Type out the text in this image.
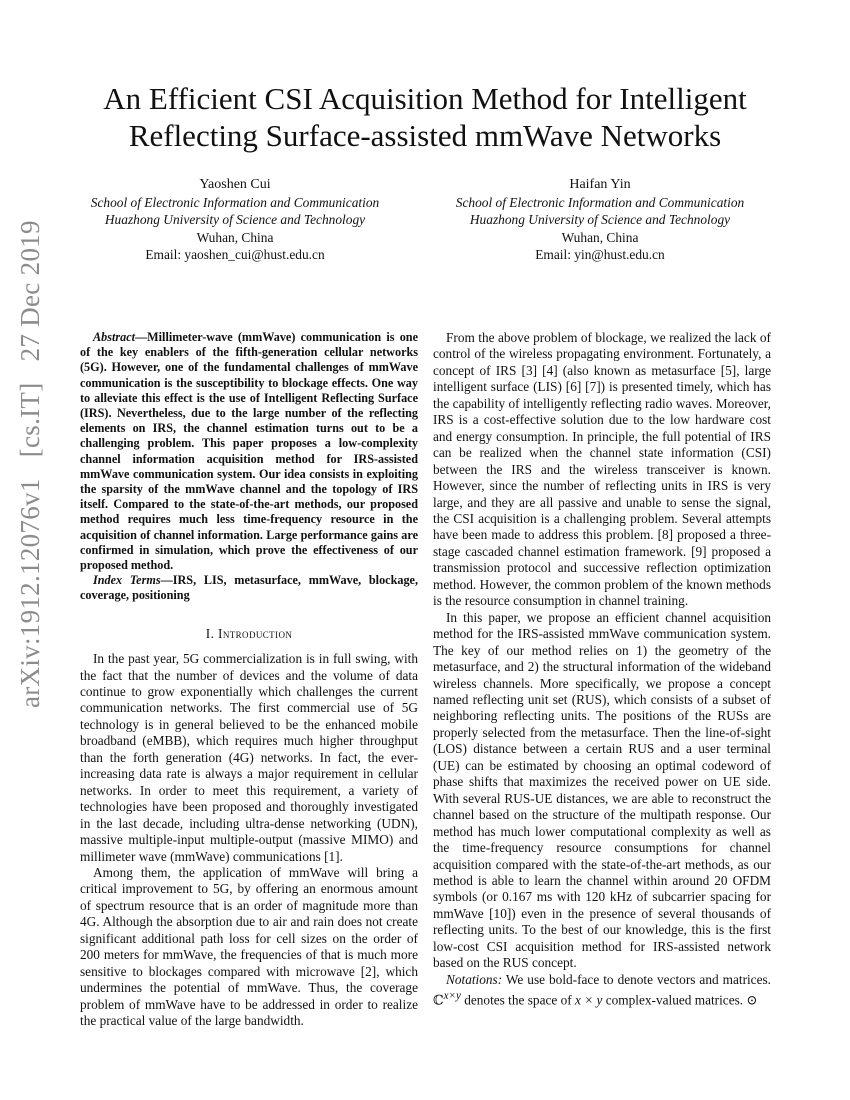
An Efficient CSI Acquisition Method for Intelligent
Reflecting Surface-assisted mmWave Networks
Yaoshen Cui
School of Electronic Information and Communication
Huazhong University of Science and Technology
Wuhan, China
Email: yaoshen_cui@hust.edu.cn
Haifan Yin
School of Electronic Information and Communication
Huazhong University of Science and Technology
Wuhan, China
Email: yin@hust.edu.cn
arXiv:1912.12076v1 [cs.IT] 27 Dec 2019	Abstract—Millimeter-wave (mmWave) communication is one of the key enablers of the fifth-generation cellular networks (5G). However, one of the fundamental challenges of mmWave communication is the susceptibility to blockage effects. One way to alleviate this effect is the use of Intelligent Reflecting Surface (IRS). Nevertheless, due to the large number of the reflecting elements on IRS, the channel estimation turns out to be a challenging problem. This paper proposes a low-complexity channel information acquisition method for IRS-assisted mmWave communication system. Our idea consists in exploiting the sparsity of the mmWave channel and the topology of IRS itself. Compared to the state-of-the-art methods, our proposed method requires much less time-frequency resource in the acquisition of channel information. Large performance gains are confirmed in simulation, which prove the effectiveness of our proposed method.

Index Terms—IRS, LIS, metasurface, mmWave, blockage, coverage, positioning

I. Introduction

In the past year, 5G commercialization is in full swing, with the fact that the number of devices and the volume of data continue to grow exponentially which challenges the current communication networks. The first commercial use of 5G technology is in general believed to be the enhanced mobile broadband (eMBB), which requires much higher throughput than the forth generation (4G) networks. In fact, the ever-increasing data rate is always a major requirement in cellular networks. In order to meet this requirement, a variety of technologies have been proposed and thoroughly investigated in the last decade, including ultra-dense networking (UDN), massive multiple-input multiple-output (massive MIMO) and millimeter wave (mmWave) communications [1].

Among them, the application of mmWave will bring a critical improvement to 5G, by offering an enormous amount of spectrum resource that is an order of magnitude more than 4G. Although the absorption due to air and rain does not create significant additional path loss for cell sizes on the order of 200 meters for mmWave, the frequencies of that is much more sensitive to blockages compared with microwave [2], which undermines the potential of mmWave. Thus, the coverage problem of mmWave have to be addressed in order to realize the practical value of the large bandwidth.

From the above problem of blockage, we realized the lack of control of the wireless propagating environment. Fortunately, a concept of IRS [3] [4] (also known as metasurface [5], large intelligent surface (LIS) [6] [7]) is presented timely, which has the capability of intelligently reflecting radio waves. Moreover, IRS is a cost-effective solution due to the low hardware cost and energy consumption. In principle, the full potential of IRS can be realized when the channel state information (CSI) between the IRS and the wireless transceiver is known. However, since the number of reflecting units in IRS is very large, and they are all passive and unable to sense the signal, the CSI acquisition is a challenging problem. Several attempts have been made to address this problem. [8] proposed a three-stage cascaded channel estimation framework. [9] proposed a transmission protocol and successive reflection optimization method. However, the common problem of the known methods is the resource consumption in channel training.

In this paper, we propose an efficient channel acquisition method for the IRS-assisted mmWave communication system. The key of our method relies on 1) the geometry of the metasurface, and 2) the structural information of the wideband wireless channels. More specifically, we propose a concept named reflecting unit set (RUS), which consists of a subset of neighboring reflecting units. The positions of the RUSs are properly selected from the metasurface. Then the line-of-sight (LOS) distance between a certain RUS and a user terminal (UE) can be estimated by choosing an optimal codeword of phase shifts that maximizes the received power on UE side. With several RUS-UE distances, we are able to reconstruct the channel based on the structure of the multipath response. Our method has much lower computational complexity as well as the time-frequency resource consumptions for channel acquisition compared with the state-of-the-art methods, as our method is able to learn the channel within around 20 OFDM symbols (or 0.167 ms with 120 kHz of subcarrier spacing for mmWave [10]) even in the presence of several thousands of reflecting units. To the best of our knowledge, this is the first low-cost CSI acquisition method for IRS-assisted network based on the RUS concept.

Notations: We use bold-face to denote vectors and matrices. ℂ$^{x\times y}$ denotes the space of x × y complex-valued matrices. ⊙
